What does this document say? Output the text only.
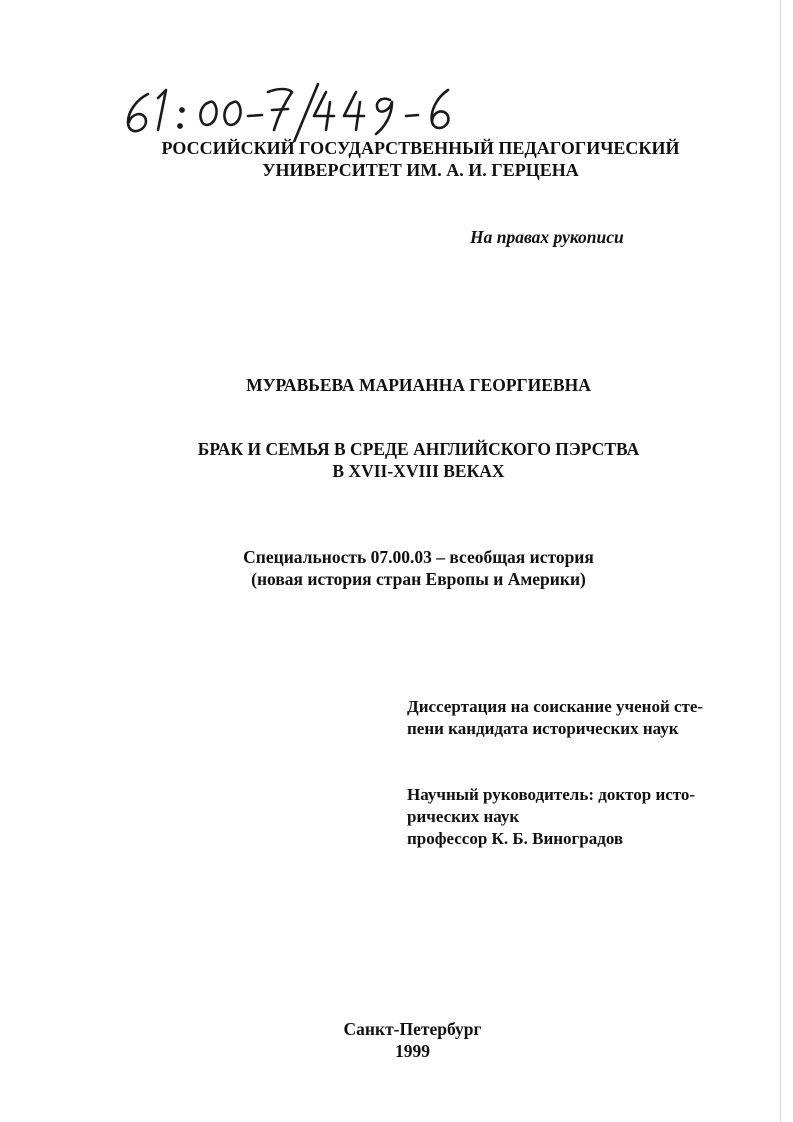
РОССИЙСКИЙ ГОСУДАРСТВЕННЫЙ ПЕДАГОГИЧЕСКИЙ
УНИВЕРСИТЕТ ИМ. А. И. ГЕРЦЕНА
На правах рукописи
МУРАВЬЕВА МАРИАННА ГЕОРГИЕВНА
БРАК И СЕМЬЯ В СРЕДЕ АНГЛИЙСКОГО ПЭРСТВА
В XVII-XVIII ВЕКАХ
Специальность 07.00.03 – всеобщая история
(новая история стран Европы и Америки)
Диссертация на соискание ученой сте-
пени кандидата исторических наук
Научный руководитель: доктор исто-
рических наук
профессор К. Б. Виноградов
Санкт-Петербург
1999
